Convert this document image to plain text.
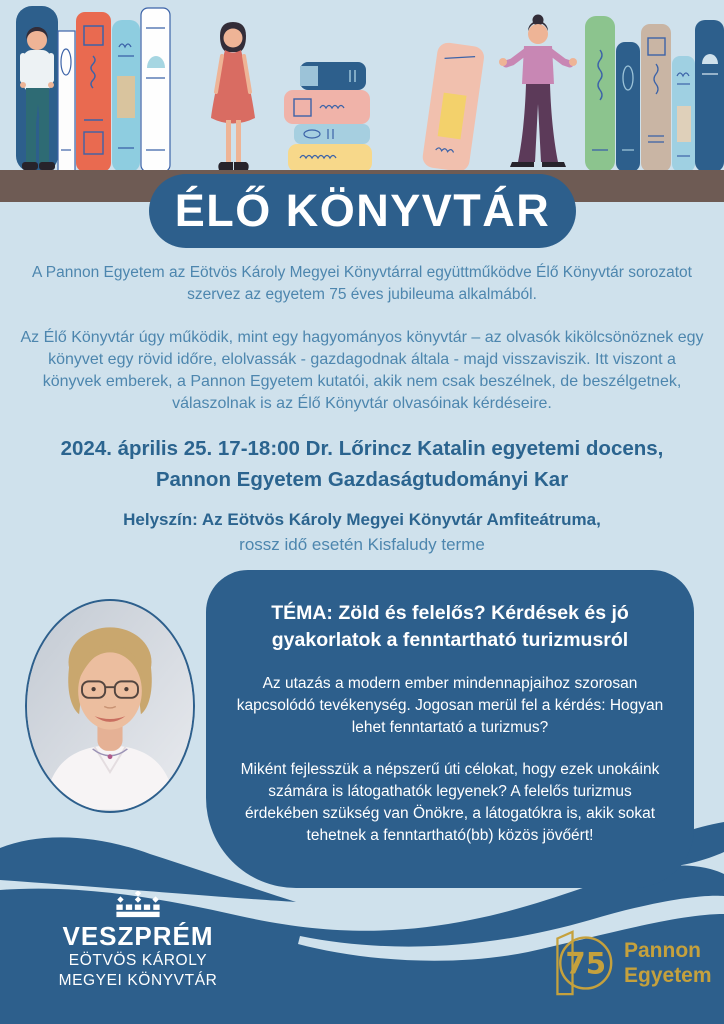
ÉLŐ KÖNYVTÁR

A Pannon Egyetem az Eötvös Károly Megyei Könyvtárral együttműködve Élő Könyvtár sorozatot szervez az egyetem 75 éves jubileuma alkalmából.

Az Élő Könyvtár úgy működik, mint egy hagyományos könyvtár – az olvasók kikölcsönöznek egy könyvet egy rövid időre, elolvassák - gazdagodnak általa - majd visszaviszik. Itt viszont a könyvek emberek, a Pannon Egyetem kutatói, akik nem csak beszélnek, de beszélgetnek, válaszolnak is az Élő Könyvtár olvasóinak kérdéseire.

2024. április 25. 17-18:00 Dr. Lőrincz Katalin egyetemi docens, Pannon Egyetem Gazdaságtudományi Kar
Helyszín: Az Eötvös Károly Megyei Könyvtár Amfiteátruma,
rossz idő esetén Kisfaludy terme
TÉMA: Zöld és felelős? Kérdések és jó gyakorlatok a fenntartható turizmusról

Az utazás a modern ember mindennapjaihoz szorosan kapcsolódó tevékenység. Jogosan merül fel a kérdés: Hogyan lehet fenntartató a turizmus?

Miként fejlesszük a népszerű úti célokat, hogy ezek unokáink számára is látogathatók legyenek? A felelős turizmus érdekében szükség van Önökre, a látogatókra is, akik sokat tehetnek a fenntartható(bb) közös jövőért!

VESZPRÉM
EÖTVÖS KÁROLY
MEGYEI KÖNYVTÁR	75 Pannon
Egyetem
